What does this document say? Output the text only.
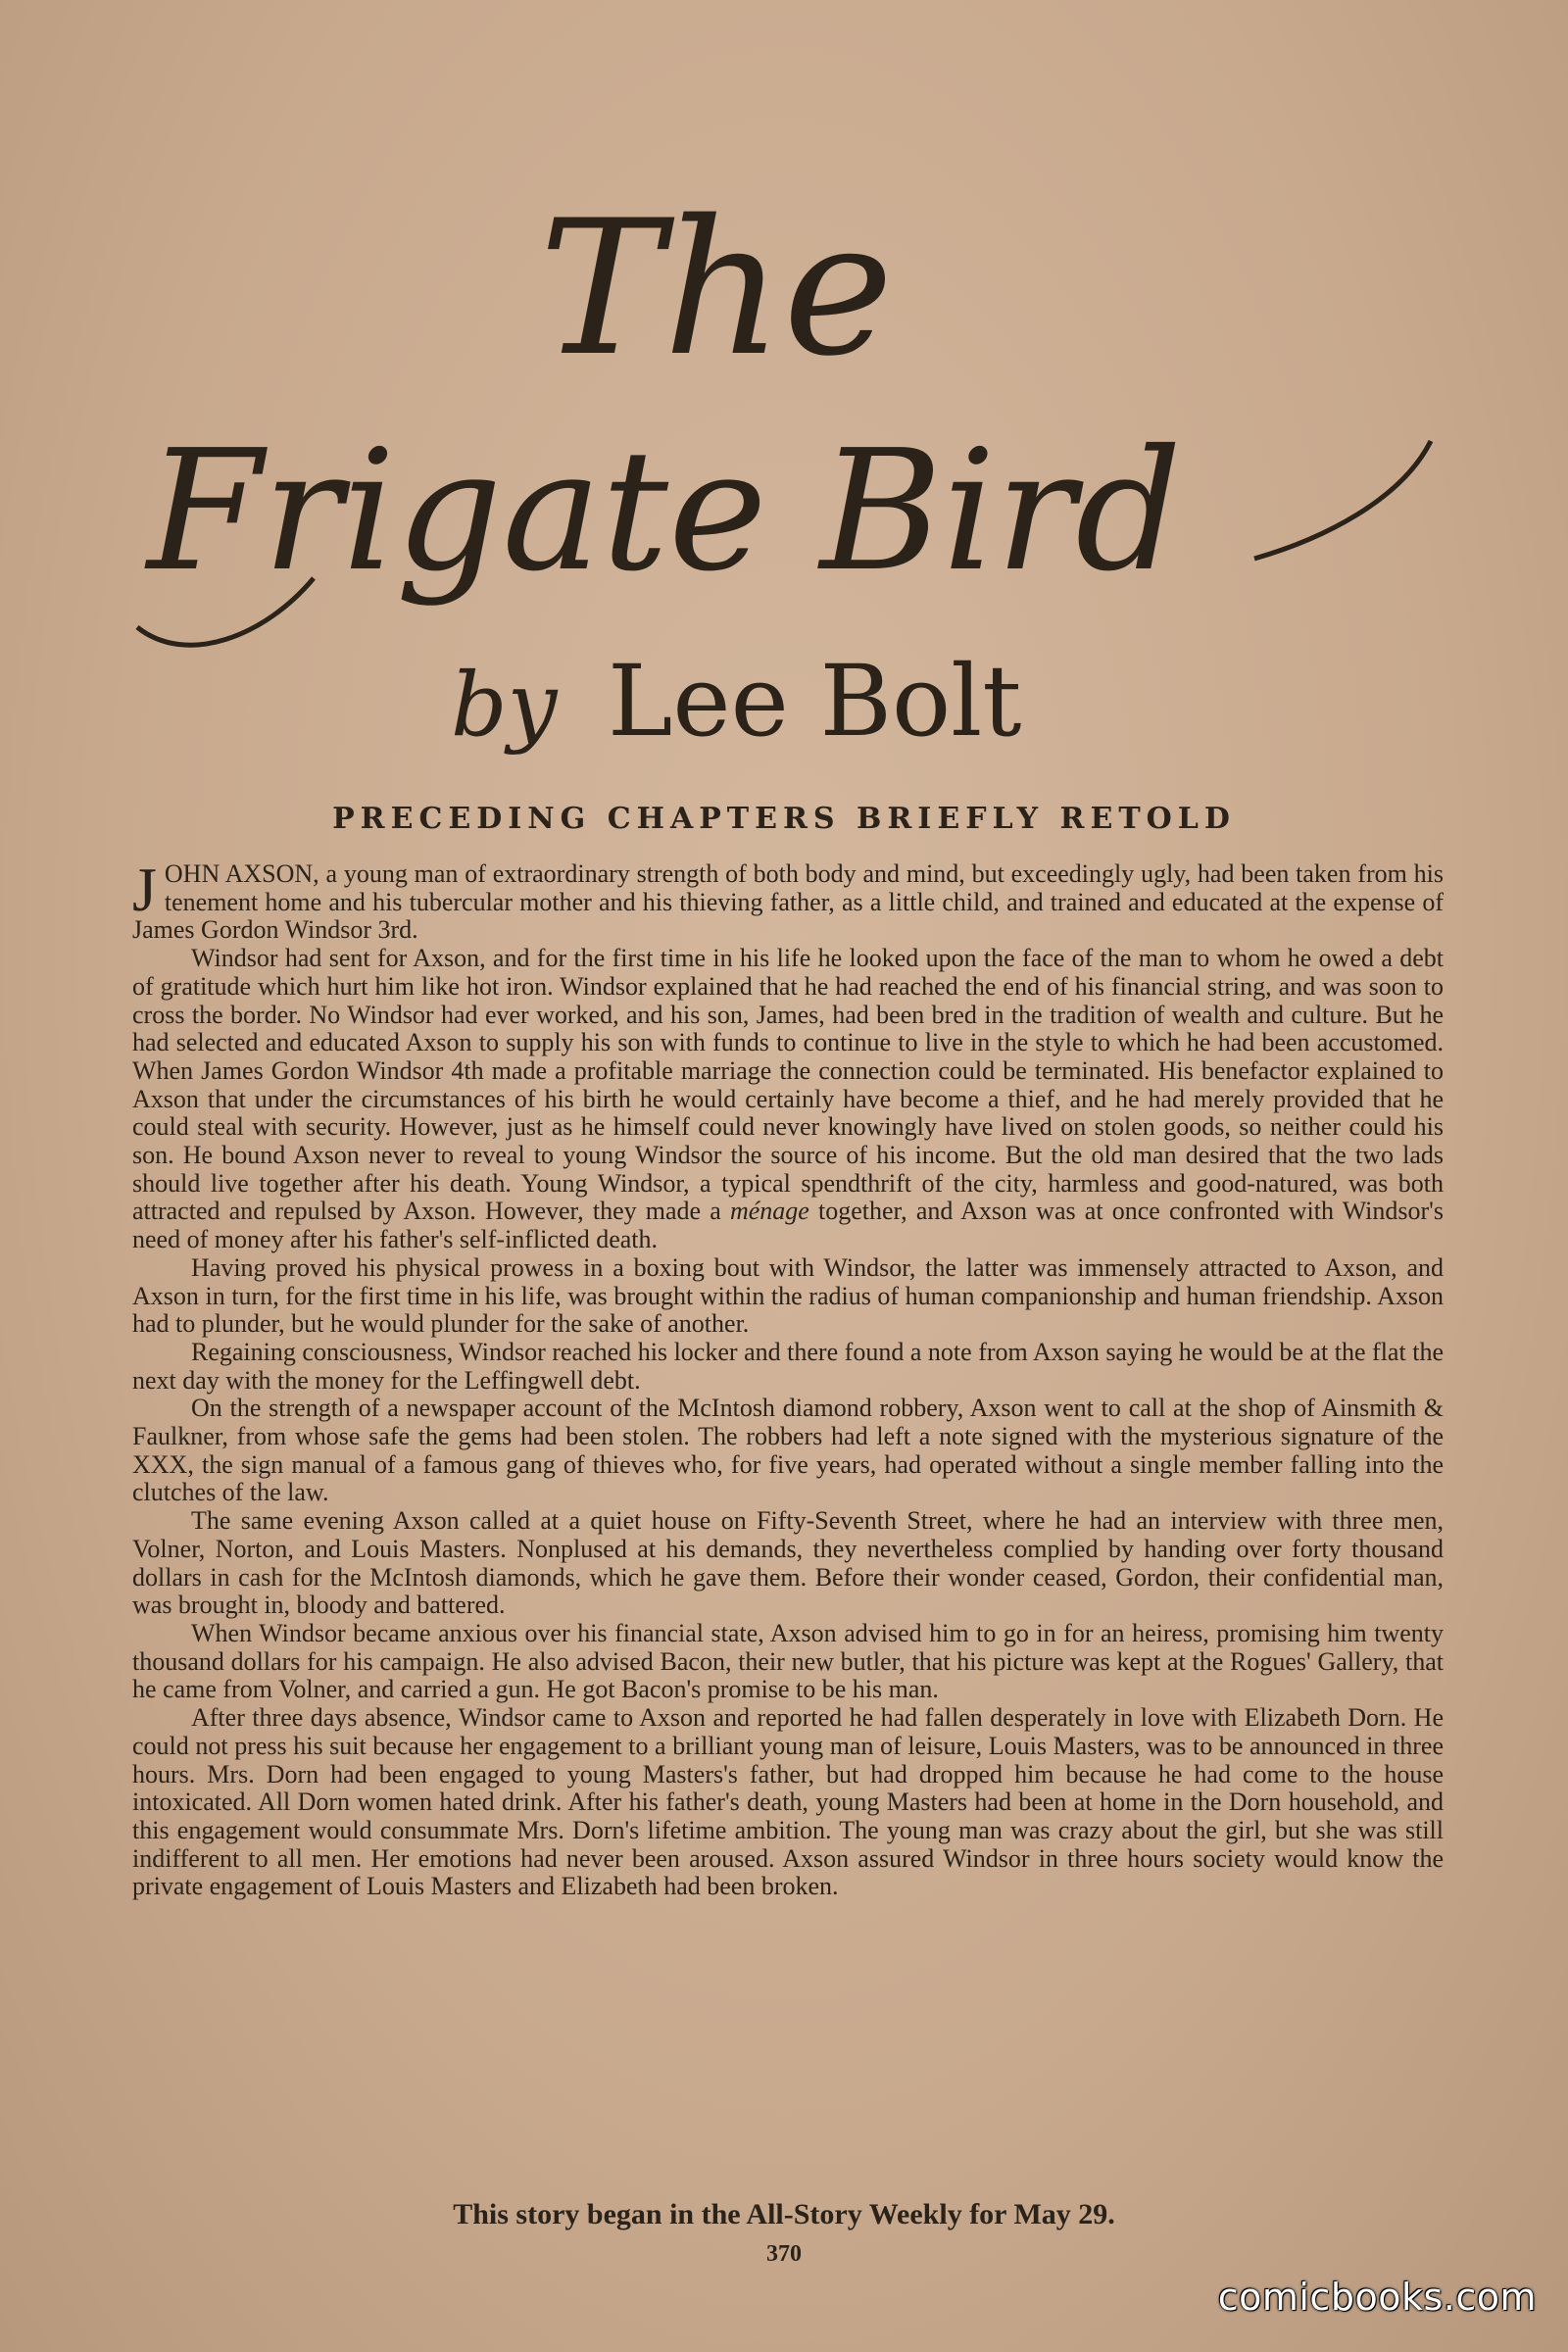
The
Frigate Bird
by Lee Bolt
PRECEDING CHAPTERS BRIEFLY RETOLD

JOHN AXSON, a young man of extraordinary strength of both body and mind, but exceedingly ugly, had been taken from his tenement home and his tubercular mother and his thieving father, as a little child, and trained and educated at the expense of James Gordon Windsor 3rd.

Windsor had sent for Axson, and for the first time in his life he looked upon the face of the man to whom he owed a debt of gratitude which hurt him like hot iron. Windsor explained that he had reached the end of his financial string, and was soon to cross the border. No Windsor had ever worked, and his son, James, had been bred in the tradition of wealth and culture. But he had selected and educated Axson to supply his son with funds to continue to live in the style to which he had been accustomed. When James Gordon Windsor 4th made a profitable marriage the connection could be terminated. His benefactor explained to Axson that under the circumstances of his birth he would certainly have become a thief, and he had merely provided that he could steal with security. However, just as he himself could never knowingly have lived on stolen goods, so neither could his son. He bound Axson never to reveal to young Windsor the source of his income. But the old man desired that the two lads should live together after his death. Young Windsor, a typical spendthrift of the city, harmless and good-natured, was both attracted and repulsed by Axson. However, they made a ménage together, and Axson was at once confronted with Windsor's need of money after his father's self-inflicted death.

Having proved his physical prowess in a boxing bout with Windsor, the latter was immensely attracted to Axson, and Axson in turn, for the first time in his life, was brought within the radius of human companionship and human friendship. Axson had to plunder, but he would plunder for the sake of another.

Regaining consciousness, Windsor reached his locker and there found a note from Axson saying he would be at the flat the next day with the money for the Leffingwell debt.

On the strength of a newspaper account of the McIntosh diamond robbery, Axson went to call at the shop of Ainsmith & Faulkner, from whose safe the gems had been stolen. The robbers had left a note signed with the mysterious signature of the XXX, the sign manual of a famous gang of thieves who, for five years, had operated without a single member falling into the clutches of the law.

The same evening Axson called at a quiet house on Fifty-Seventh Street, where he had an interview with three men, Volner, Norton, and Louis Masters. Nonplused at his demands, they nevertheless complied by handing over forty thousand dollars in cash for the McIntosh diamonds, which he gave them. Before their wonder ceased, Gordon, their confidential man, was brought in, bloody and battered.

When Windsor became anxious over his financial state, Axson advised him to go in for an heiress, promising him twenty thousand dollars for his campaign. He also advised Bacon, their new butler, that his picture was kept at the Rogues' Gallery, that he came from Volner, and carried a gun. He got Bacon's promise to be his man.

After three days absence, Windsor came to Axson and reported he had fallen desperately in love with Elizabeth Dorn. He could not press his suit because her engagement to a brilliant young man of leisure, Louis Masters, was to be announced in three hours. Mrs. Dorn had been engaged to young Masters's father, but had dropped him because he had come to the house intoxicated. All Dorn women hated drink. After his father's death, young Masters had been at home in the Dorn household, and this engagement would consummate Mrs. Dorn's lifetime ambition. The young man was crazy about the girl, but she was still indifferent to all men. Her emotions had never been aroused. Axson assured Windsor in three hours society would know the private engagement of Louis Masters and Elizabeth had been broken.

This story began in the All-Story Weekly for May 29.
370
comicbooks.com
